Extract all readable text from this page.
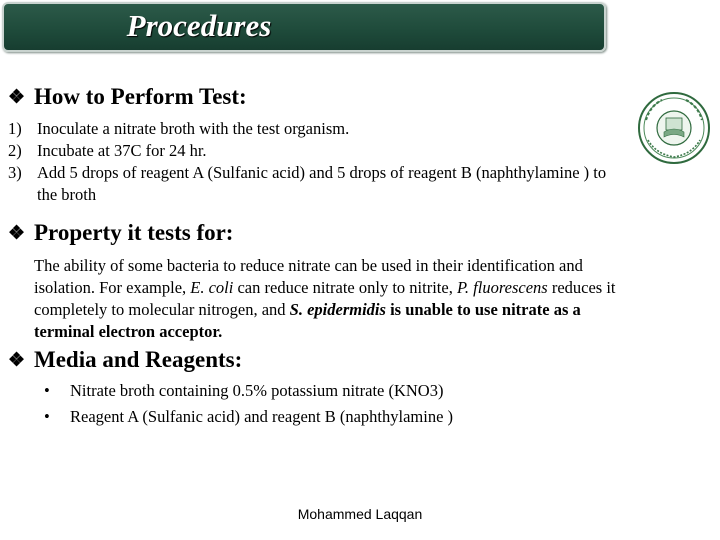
Procedures
❖ How to Perform Test:
1) Inoculate a nitrate broth with the test organism.
2) Incubate at 37C for 24 hr.
3) Add 5 drops of reagent A (Sulfanic acid) and 5 drops of reagent B (naphthylamine ) to the broth
❖ Property it tests for:
The ability of some bacteria to reduce nitrate can be used in their identification and isolation. For example, E. coli can reduce nitrate only to nitrite, P. fluorescens reduces it completely to molecular nitrogen, and S. epidermidis is unable to use nitrate as a terminal electron acceptor.
❖ Media and Reagents:
• Nitrate broth containing 0.5% potassium nitrate (KNO3)
• Reagent A (Sulfanic acid) and reagent B (naphthylamine )
Mohammed Laqqan
